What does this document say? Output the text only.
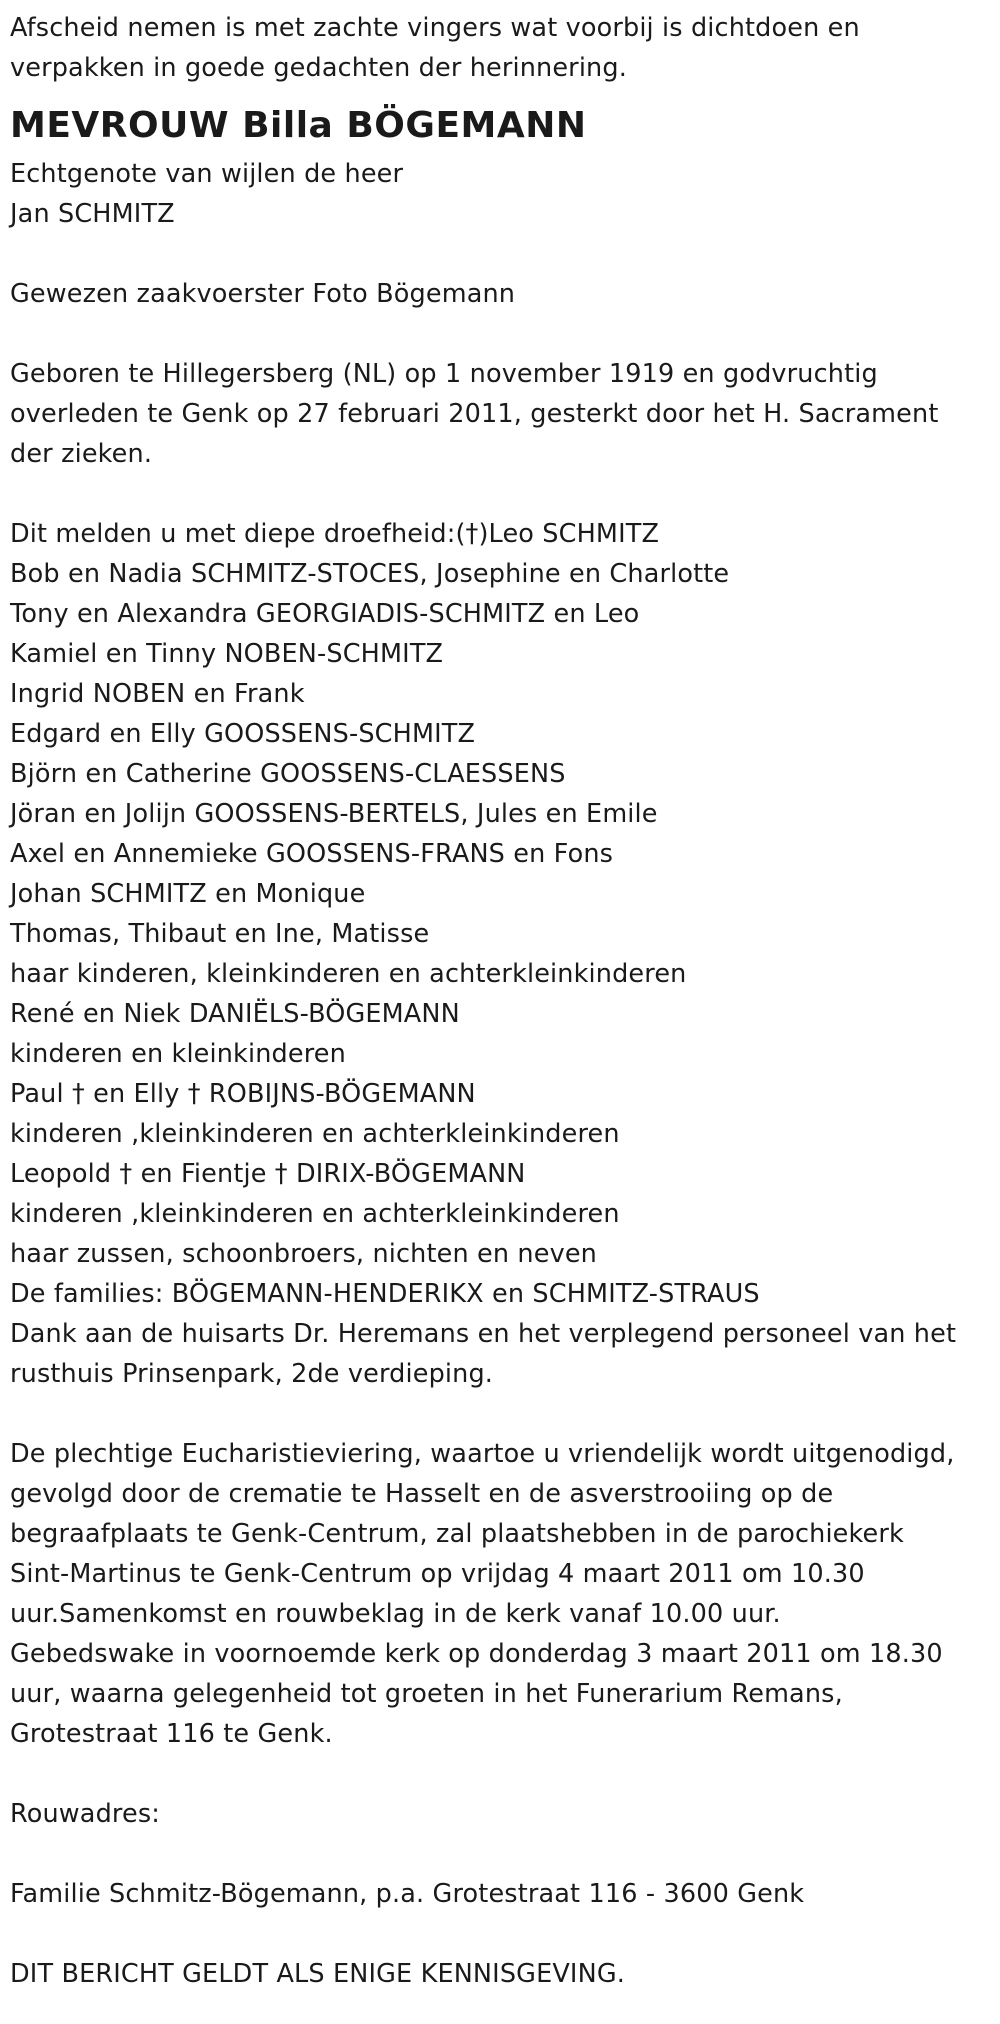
Afscheid nemen is met zachte vingers wat voorbij is dichtdoen en
verpakken in goede gedachten der herinnering.
MEVROUW Billa BÖGEMANN
Echtgenote van wijlen de heer
Jan SCHMITZ
Gewezen zaakvoerster Foto Bögemann
Geboren te Hillegersberg (NL) op 1 november 1919 en godvruchtig
overleden te Genk op 27 februari 2011, gesterkt door het H. Sacrament
der zieken.
Dit melden u met diepe droefheid:(†)Leo SCHMITZ
Bob en Nadia SCHMITZ-STOCES, Josephine en Charlotte
Tony en Alexandra GEORGIADIS-SCHMITZ en Leo
Kamiel en Tinny NOBEN-SCHMITZ
Ingrid NOBEN en Frank
Edgard en Elly GOOSSENS-SCHMITZ
Björn en Catherine GOOSSENS-CLAESSENS
Jöran en Jolijn GOOSSENS-BERTELS, Jules en Emile
Axel en Annemieke GOOSSENS-FRANS en Fons
Johan SCHMITZ en Monique
Thomas, Thibaut en Ine, Matisse
haar kinderen, kleinkinderen en achterkleinkinderen
René en Niek DANIËLS-BÖGEMANN
kinderen en kleinkinderen
Paul † en Elly † ROBIJNS-BÖGEMANN
kinderen ,kleinkinderen en achterkleinkinderen
Leopold † en Fientje † DIRIX-BÖGEMANN
kinderen ,kleinkinderen en achterkleinkinderen
haar zussen, schoonbroers, nichten en neven
De families: BÖGEMANN-HENDERIKX en SCHMITZ-STRAUS
Dank aan de huisarts Dr. Heremans en het verplegend personeel van het
rusthuis Prinsenpark, 2de verdieping.
De plechtige Eucharistieviering, waartoe u vriendelijk wordt uitgenodigd,
gevolgd door de crematie te Hasselt en de asverstrooiing op de
begraafplaats te Genk-Centrum, zal plaatshebben in de parochiekerk
Sint-Martinus te Genk-Centrum op vrijdag 4 maart 2011 om 10.30
uur.Samenkomst en rouwbeklag in de kerk vanaf 10.00 uur.
Gebedswake in voornoemde kerk op donderdag 3 maart 2011 om 18.30
uur, waarna gelegenheid tot groeten in het Funerarium Remans,
Grotestraat 116 te Genk.
Rouwadres:
Familie Schmitz-Bögemann, p.a. Grotestraat 116 - 3600 Genk
DIT BERICHT GELDT ALS ENIGE KENNISGEVING.
